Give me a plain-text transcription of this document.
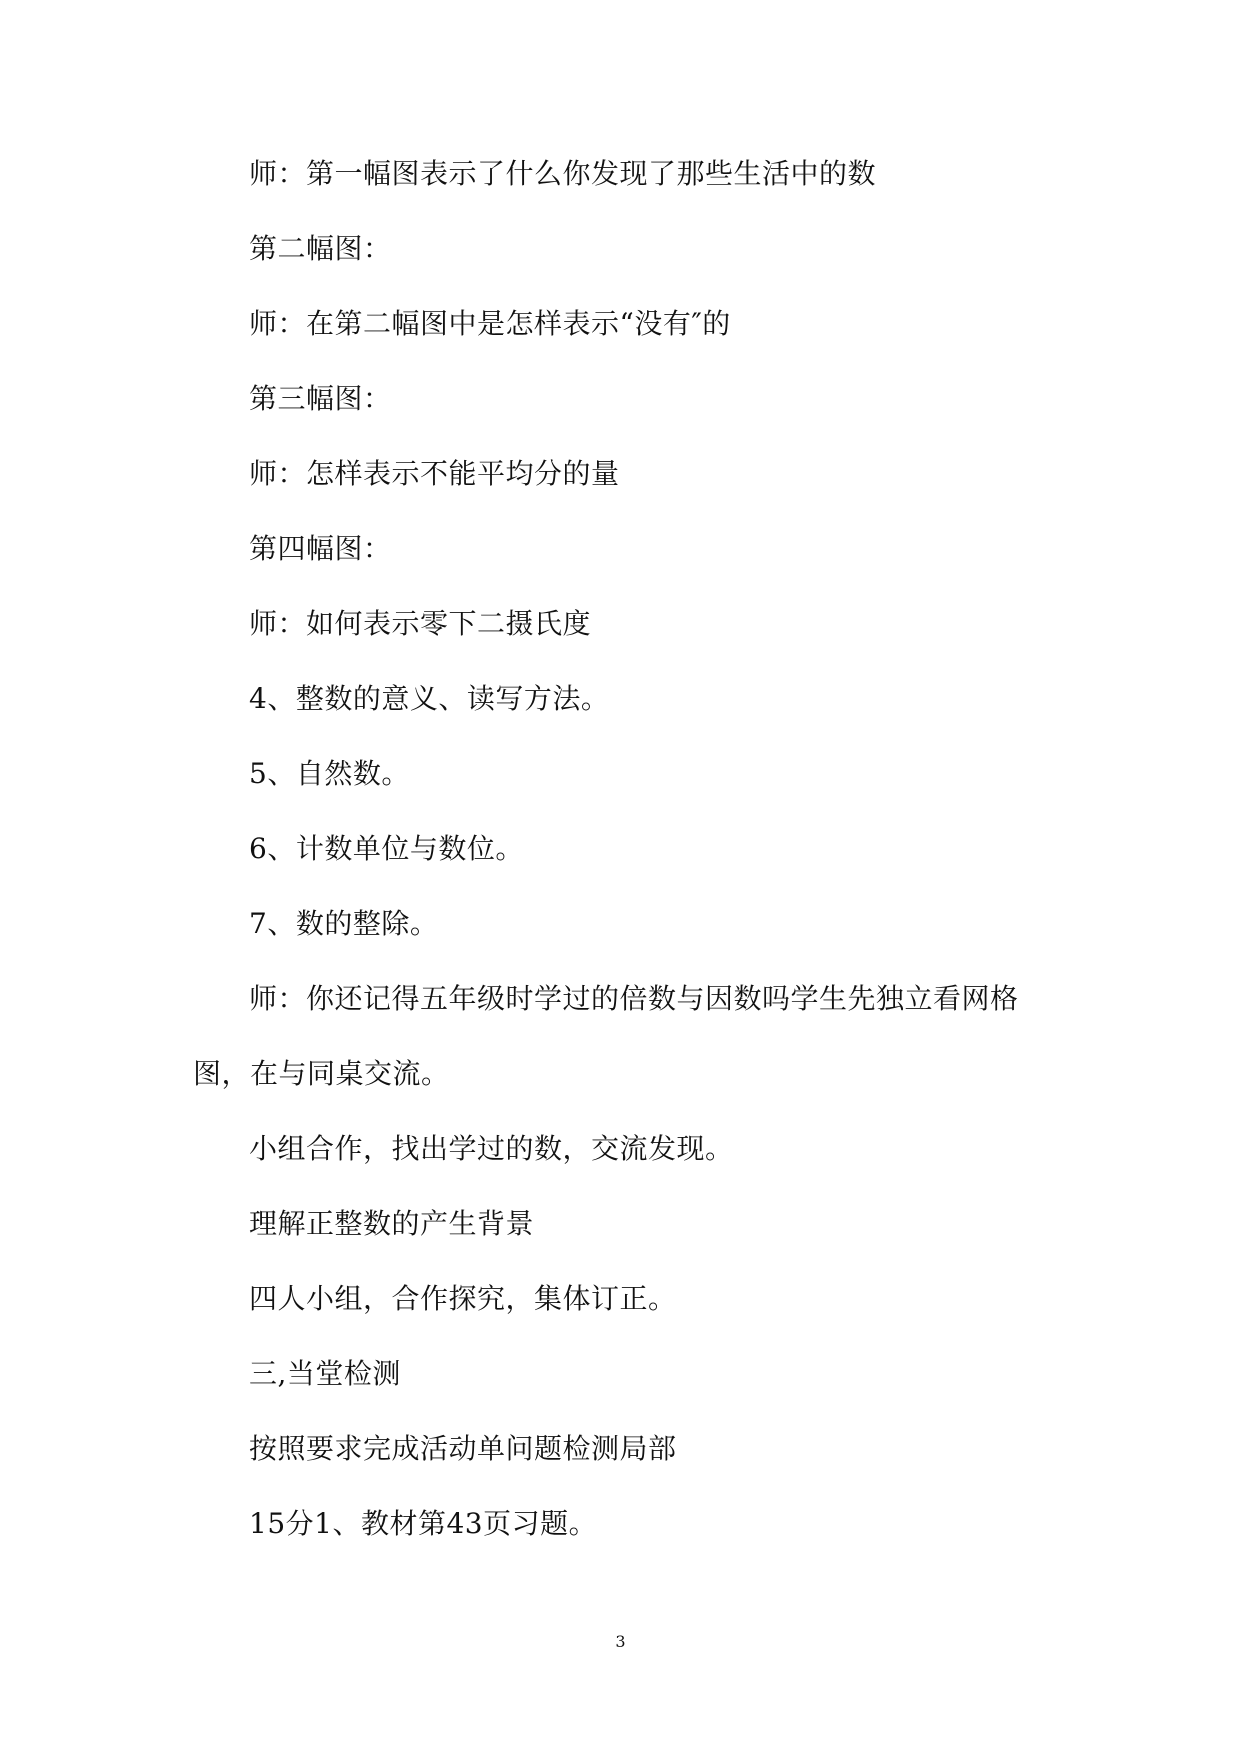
师：第一幅图表示了什么你发现了那些生活中的数
第二幅图：
师：在第二幅图中是怎样表示“没有″的
第三幅图：
师：怎样表示不能平均分的量
第四幅图：
师：如何表示零下二摄氏度
4、整数的意义、读写方法。
5、自然数。
6、计数单位与数位。
7、数的整除。
师：你还记得五年级时学过的倍数与因数吗学生先独立看网格
图，在与同桌交流。
小组合作，找出学过的数，交流发现。
理解正整数的产生背景
四人小组，合作探究，集体订正。
三,当堂检测
按照要求完成活动单问题检测局部
15分1、教材第43页习题。
3
